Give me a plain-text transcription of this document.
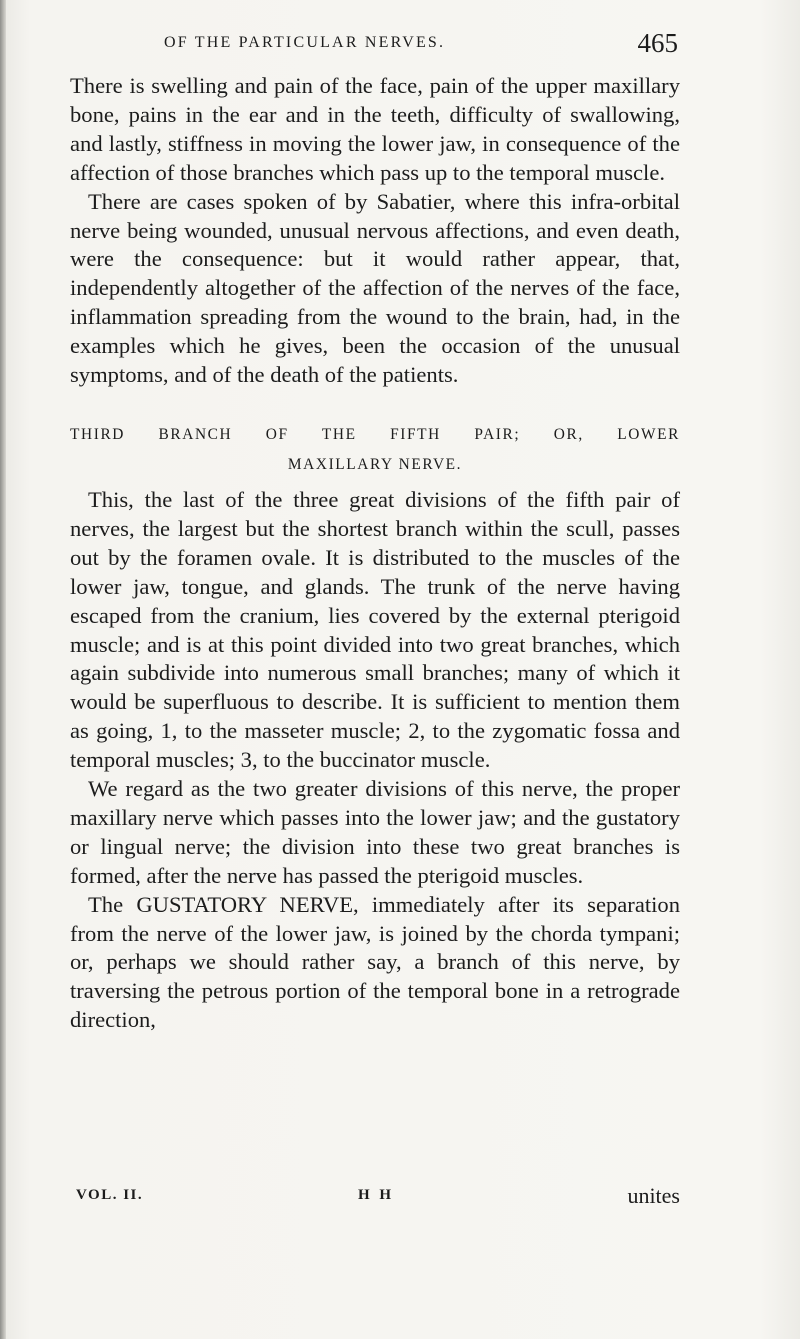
OF THE PARTICULAR NERVES.	465

There is swelling and pain of the face, pain of the upper maxillary bone, pains in the ear and in the teeth, difficulty of swallowing, and lastly, stiffness in moving the lower jaw, in consequence of the affection of those branches which pass up to the temporal muscle.

There are cases spoken of by Sabatier, where this infra-orbital nerve being wounded, unusual nervous affections, and even death, were the consequence: but it would rather appear, that, independently altogether of the affection of the nerves of the face, inflammation spreading from the wound to the brain, had, in the examples which he gives, been the occasion of the unusual symptoms, and of the death of the patients.

THIRD BRANCH OF THE FIFTH PAIR; OR, LOWER
MAXILLARY NERVE.

This, the last of the three great divisions of the fifth pair of nerves, the largest but the shortest branch within the scull, passes out by the foramen ovale. It is distributed to the muscles of the lower jaw, tongue, and glands. The trunk of the nerve having escaped from the cranium, lies covered by the external pterigoid muscle; and is at this point divided into two great branches, which again subdivide into numerous small branches; many of which it would be superfluous to describe. It is sufficient to mention them as going, 1, to the masseter muscle; 2, to the zygomatic fossa and temporal muscles; 3, to the buccinator muscle.

We regard as the two greater divisions of this nerve, the proper maxillary nerve which passes into the lower jaw; and the gustatory or lingual nerve; the division into these two great branches is formed, after the nerve has passed the pterigoid muscles.

The GUSTATORY NERVE, immediately after its separation from the nerve of the lower jaw, is joined by the chorda tympani; or, perhaps we should rather say, a branch of this nerve, by traversing the petrous portion of the temporal bone in a retrograde direction,

VOL. II.	H H	unites
